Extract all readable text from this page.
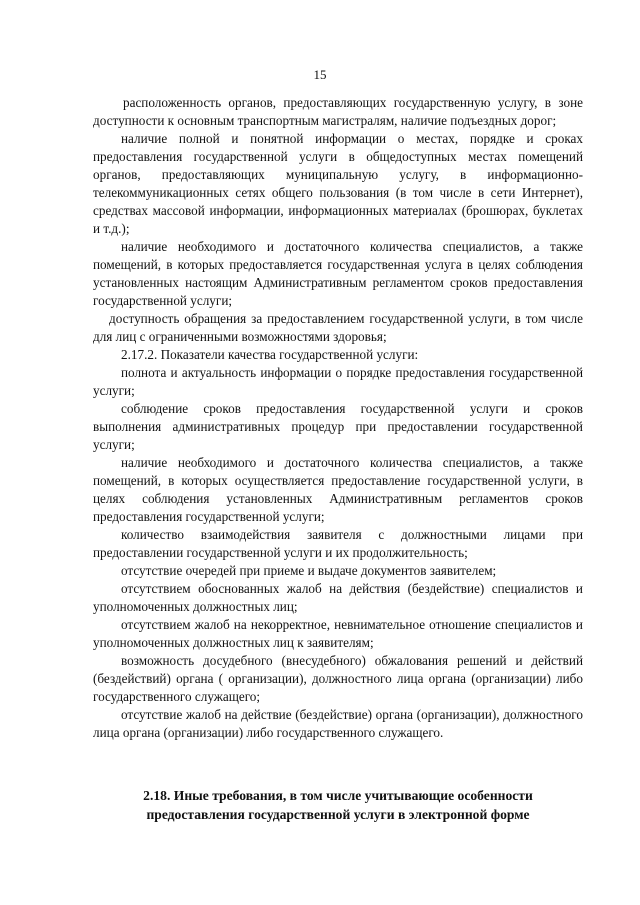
15

расположенность органов, предоставляющих государственную услугу, в зоне доступности к основным транспортным магистралям, наличие подъездных дорог;

наличие полной и понятной информации о местах, порядке и сроках предоставления государственной услуги в общедоступных местах помещений органов, предоставляющих муниципальную услугу, в информационно-телекоммуникационных сетях общего пользования (в том числе в сети Интернет), средствах массовой информации, информационных материалах (брошюрах, буклетах и т.д.);

наличие необходимого и достаточного количества специалистов, а также помещений, в которых предоставляется государственная услуга в целях соблюдения установленных настоящим Административным регламентом сроков предоставления государственной услуги;

доступность обращения за предоставлением государственной услуги, в том числе для лиц с ограниченными возможностями здоровья;

2.17.2. Показатели качества государственной услуги:

полнота и актуальность информации о порядке предоставления государственной услуги;

соблюдение сроков предоставления государственной услуги и сроков выполнения административных процедур при предоставлении государственной услуги;

наличие необходимого и достаточного количества специалистов, а также помещений, в которых осуществляется предоставление государственной услуги, в целях соблюдения установленных Административным регламентов сроков предоставления государственной услуги;

количество взаимодействия заявителя с должностными лицами при предоставлении государственной услуги и их продолжительность;

отсутствие очередей при приеме и выдаче документов заявителем;

отсутствием обоснованных жалоб на действия (бездействие) специалистов и уполномоченных должностных лиц;

отсутствием жалоб на некорректное, невнимательное отношение специалистов и уполномоченных должностных лиц к заявителям;

возможность досудебного (внесудебного) обжалования решений и действий (бездействий) органа ( организации), должностного лица органа (организации) либо государственного служащего;

отсутствие жалоб на действие (бездействие) органа (организации), должностного лица органа (организации) либо государственного служащего.

2.18. Иные требования, в том числе учитывающие особенности предоставления государственной услуги в электронной форме
